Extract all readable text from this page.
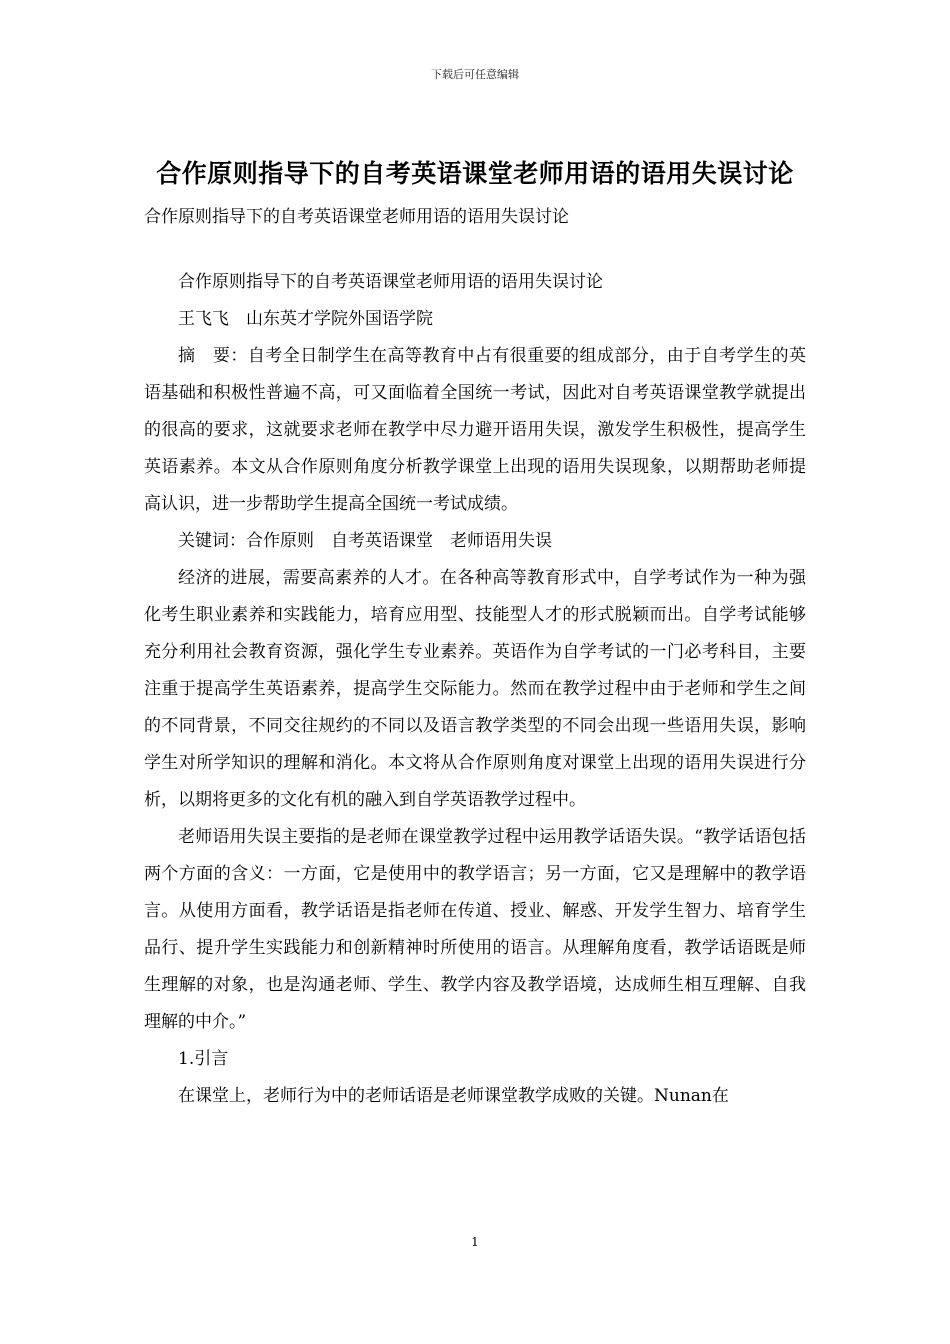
下载后可任意编辑
合作原则指导下的自考英语课堂老师用语的语用失误讨论
合作原则指导下的自考英语课堂老师用语的语用失误讨论

合作原则指导下的自考英语课堂老师用语的语用失误讨论

王飞飞　山东英才学院外国语学院

摘　要：自考全日制学生在高等教育中占有很重要的组成部分，由于自考学生的英语基础和积极性普遍不高，可又面临着全国统一考试，因此对自考英语课堂教学就提出的很高的要求，这就要求老师在教学中尽力避开语用失误，激发学生积极性，提高学生英语素养。本文从合作原则角度分析教学课堂上出现的语用失误现象，以期帮助老师提高认识，进一步帮助学生提高全国统一考试成绩。

关键词：合作原则　自考英语课堂　老师语用失误

经济的进展，需要高素养的人才。在各种高等教育形式中，自学考试作为一种为强化考生职业素养和实践能力，培育应用型、技能型人才的形式脱颖而出。自学考试能够充分利用社会教育资源，强化学生专业素养。英语作为自学考试的一门必考科目，主要注重于提高学生英语素养，提高学生交际能力。然而在教学过程中由于老师和学生之间的不同背景，不同交往规约的不同以及语言教学类型的不同会出现一些语用失误，影响学生对所学知识的理解和消化。本文将从合作原则角度对课堂上出现的语用失误进行分析，以期将更多的文化有机的融入到自学英语教学过程中。

老师语用失误主要指的是老师在课堂教学过程中运用教学话语失误。“教学话语包括两个方面的含义：一方面，它是使用中的教学语言；另一方面，它又是理解中的教学语言。从使用方面看，教学话语是指老师在传道、授业、解惑、开发学生智力、培育学生品行、提升学生实践能力和创新精神时所使用的语言。从理解角度看，教学话语既是师生理解的对象，也是沟通老师、学生、教学内容及教学语境，达成师生相互理解、自我理解的中介。”

1.引言

在课堂上，老师行为中的老师话语是老师课堂教学成败的关键。Nunan在

1
